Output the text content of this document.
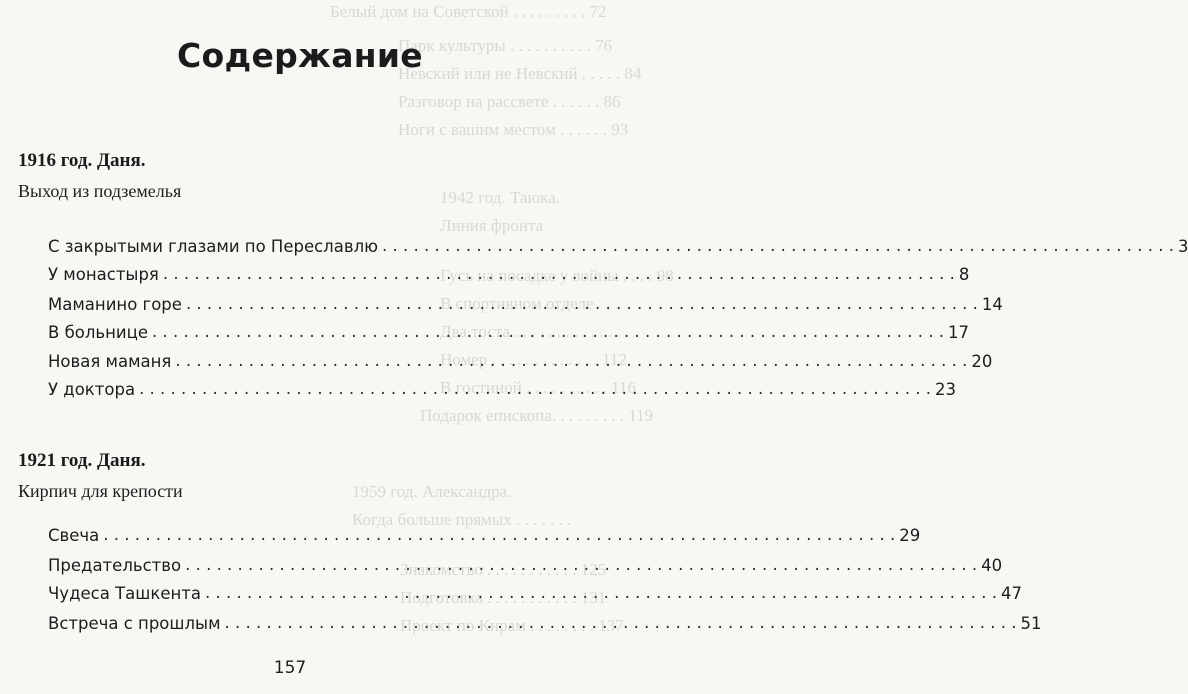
Белый дом на Советской . . . . . . . . . 72
Парк культуры . . . . . . . . . . 76
Невский или не Невский . . . . . 84
Разговор на рассвете . . . . . . 86
Ноги с вашим местом . . . . . . 93
1942 год. Таюка.
Линия фронта
Гусь на посадке у войны . . . . 98
В спортивном отделе
Два тоста . . . . . . . . . . . . .
Номер . . . . . . . . . . . . . 112
В гостиной . . . . . . . . . . 116
Подарок епископа. . . . . . . . . 119
1959 год. Александра.
Когда больше прямых . . . . . . .
Знакомство . . . . . . . . . . . 125
Подготовка . . . . . . . . . . . 131
Проект по Кирам . . . . . . . . 137
Содержание
1916 год. Даня.
Выход из подземелья
С закрытыми глазами по Переславлю . . .	3
У монастыря . . .	8
Маманино горе . . .	14
В больнице . . .	17
Новая маманя . . .	20
У доктора . . .	23
1921 год. Даня.
Кирпич для крепости
Свеча . . .	29
Предательство . . .	40
Чудеса Ташкента . . .	47
Встреча с прошлым . . .	51
157
